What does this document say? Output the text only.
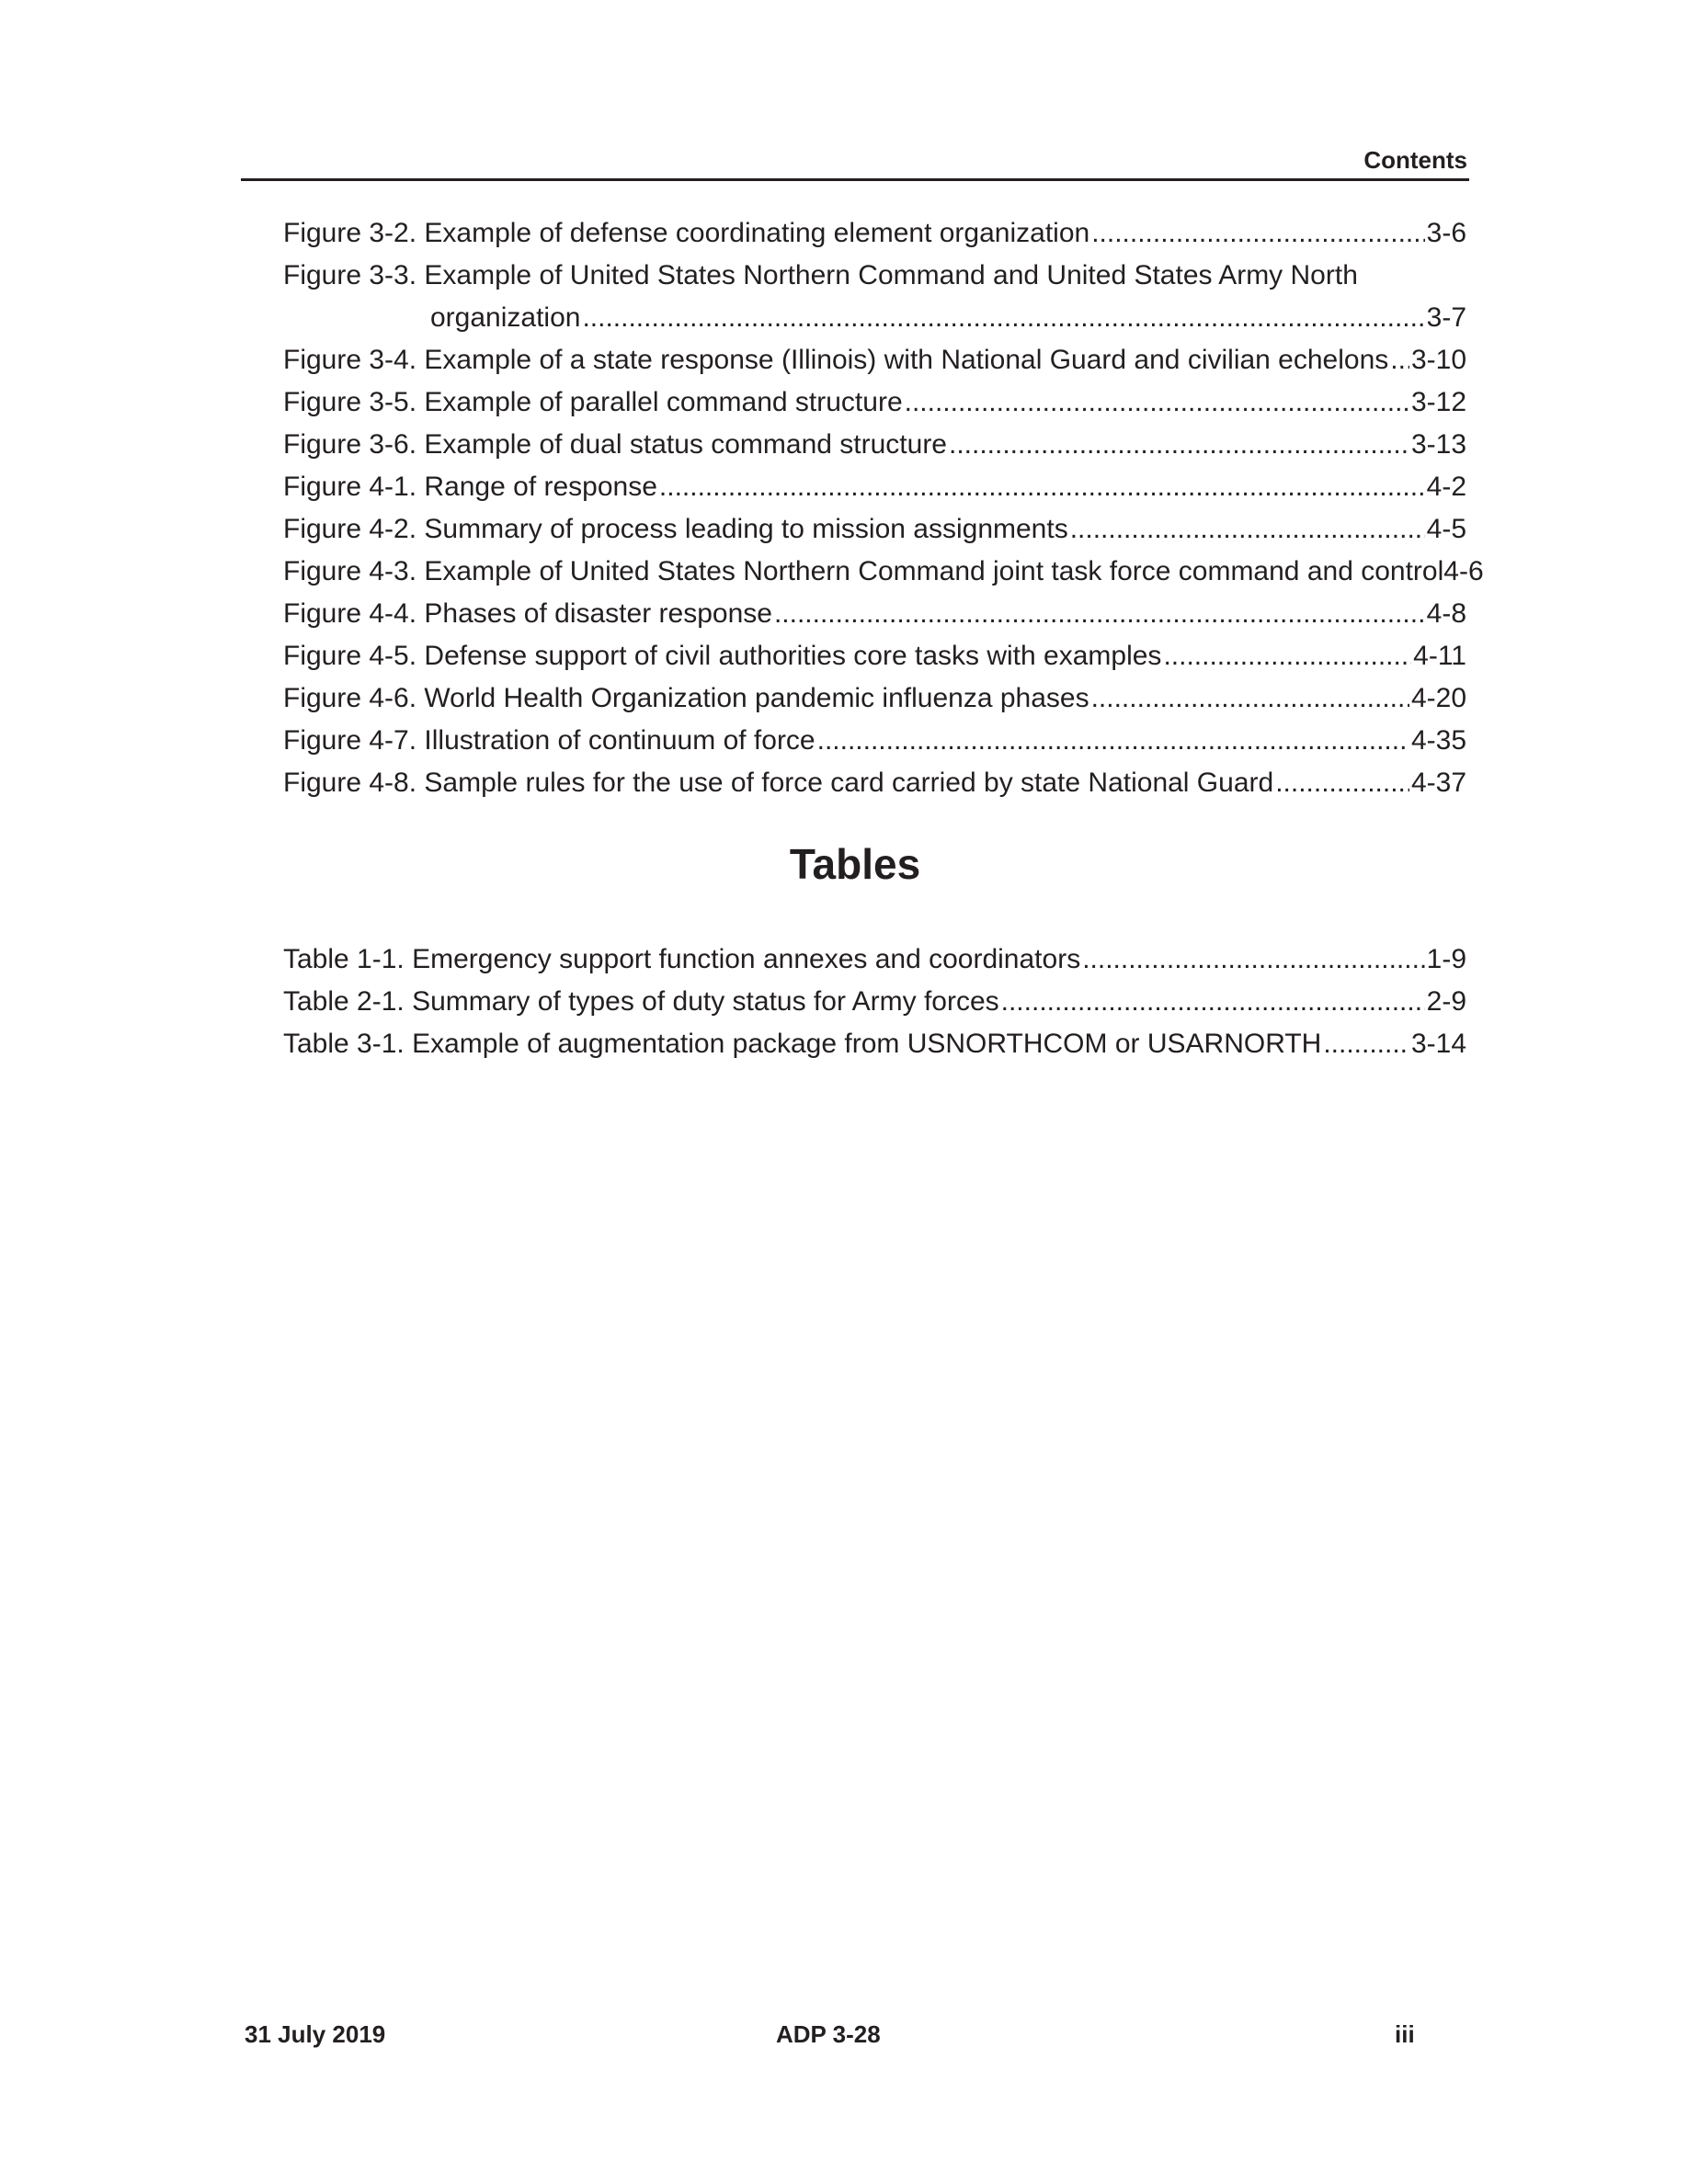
Contents
Figure 3-2. Example of defense coordinating element organization .....	3-6
Figure 3-3. Example of United States Northern Command and United States Army North
organization .....	3-7
Figure 3-4. Example of a state response (Illinois) with National Guard and civilian echelons ..... 3-10
Figure 3-5. Example of parallel command structure .....	3-12
Figure 3-6. Example of dual status command structure .....	3-13
Figure 4-1. Range of response .....	4-2
Figure 4-2. Summary of process leading to mission assignments .....	4-5
Figure 4-3. Example of United States Northern Command joint task force command and control 4-6
Figure 4-4. Phases of disaster response .....	4-8
Figure 4-5. Defense support of civil authorities core tasks with examples .....	4-11
Figure 4-6. World Health Organization pandemic influenza phases .....	4-20
Figure 4-7. Illustration of continuum of force .....	4-35
Figure 4-8. Sample rules for the use of force card carried by state National Guard .....	4-37
Tables
Table 1-1. Emergency support function annexes and coordinators .....	1-9
Table 2-1. Summary of types of duty status for Army forces .....	2-9
Table 3-1. Example of augmentation package from USNORTHCOM or USARNORTH .....	3-14
31 July 2019	ADP 3-28	iii
